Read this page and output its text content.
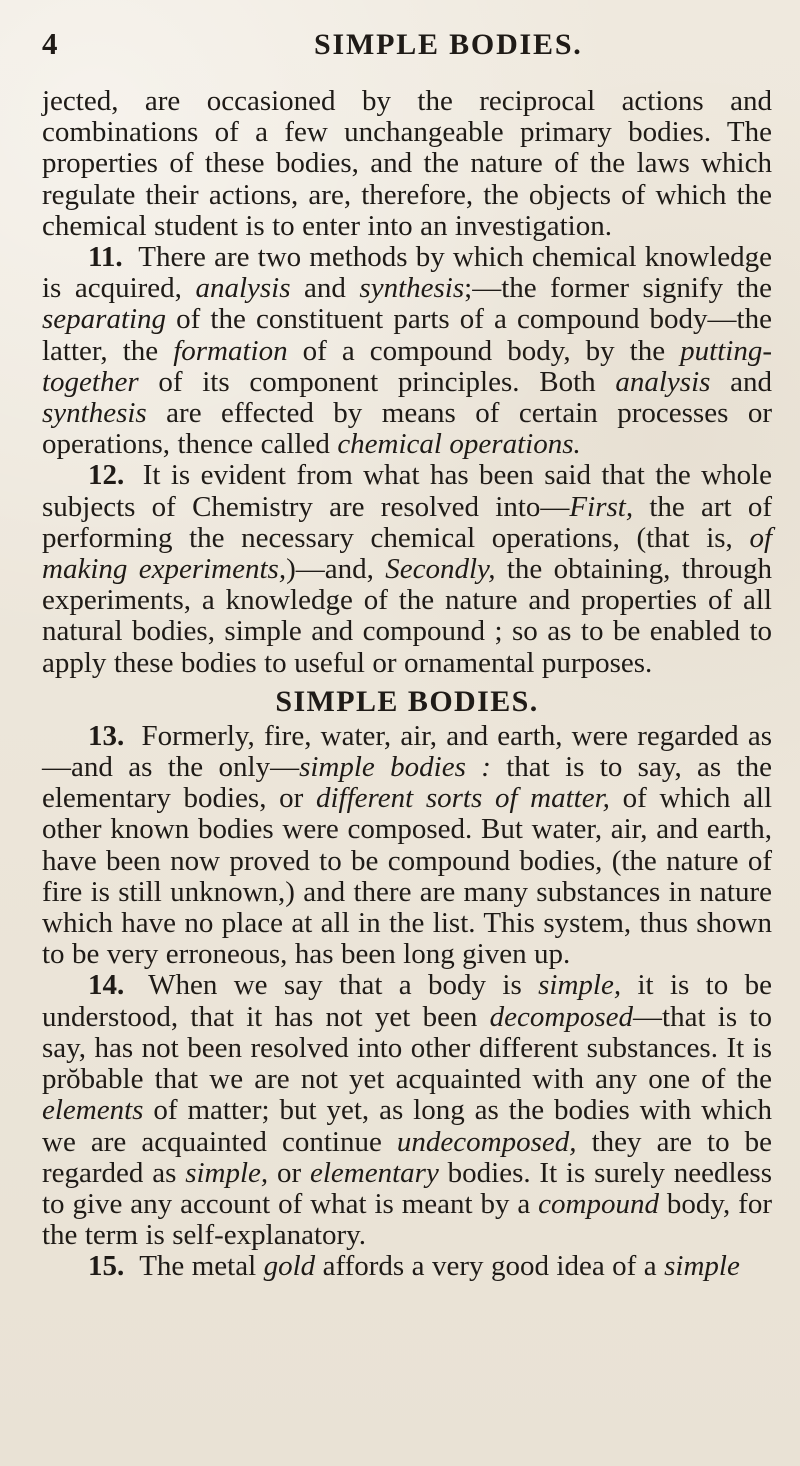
4	SIMPLE BODIES.

jected, are occasioned by the reciprocal actions and combinations of a few unchangeable primary bodies. The properties of these bodies, and the nature of the laws which regulate their actions, are, therefore, the objects of which the chemical student is to enter into an investigation.

11. There are two methods by which chemical knowledge is acquired, analysis and synthesis;—the former signify the separating of the constituent parts of a compound body—the latter, the formation of a compound body, by the putting-together of its component principles. Both analysis and synthesis are effected by means of certain processes or operations, thence called chemical operations.

12. It is evident from what has been said that the whole subjects of Chemistry are resolved into—First, the art of performing the necessary chemical operations, (that is, of making experiments,)—and, Secondly, the obtaining, through experiments, a knowledge of the nature and properties of all natural bodies, simple and compound ; so as to be enabled to apply these bodies to useful or ornamental purposes.

SIMPLE BODIES.

13. Formerly, fire, water, air, and earth, were regarded as—and as the only—simple bodies : that is to say, as the elementary bodies, or different sorts of matter, of which all other known bodies were composed. But water, air, and earth, have been now proved to be compound bodies, (the nature of fire is still unknown,) and there are many substances in nature which have no place at all in the list. This system, thus shown to be very erroneous, has been long given up.

14. When we say that a body is simple, it is to be understood, that it has not yet been decomposed—that is to say, has not been resolved into other different substances. It is prŏbable that we are not yet acquainted with any one of the elements of matter; but yet, as long as the bodies with which we are acquainted continue undecomposed, they are to be regarded as simple, or elementary bodies. It is surely needless to give any account of what is meant by a compound body, for the term is self-explanatory.

15. The metal gold affords a very good idea of a simple
